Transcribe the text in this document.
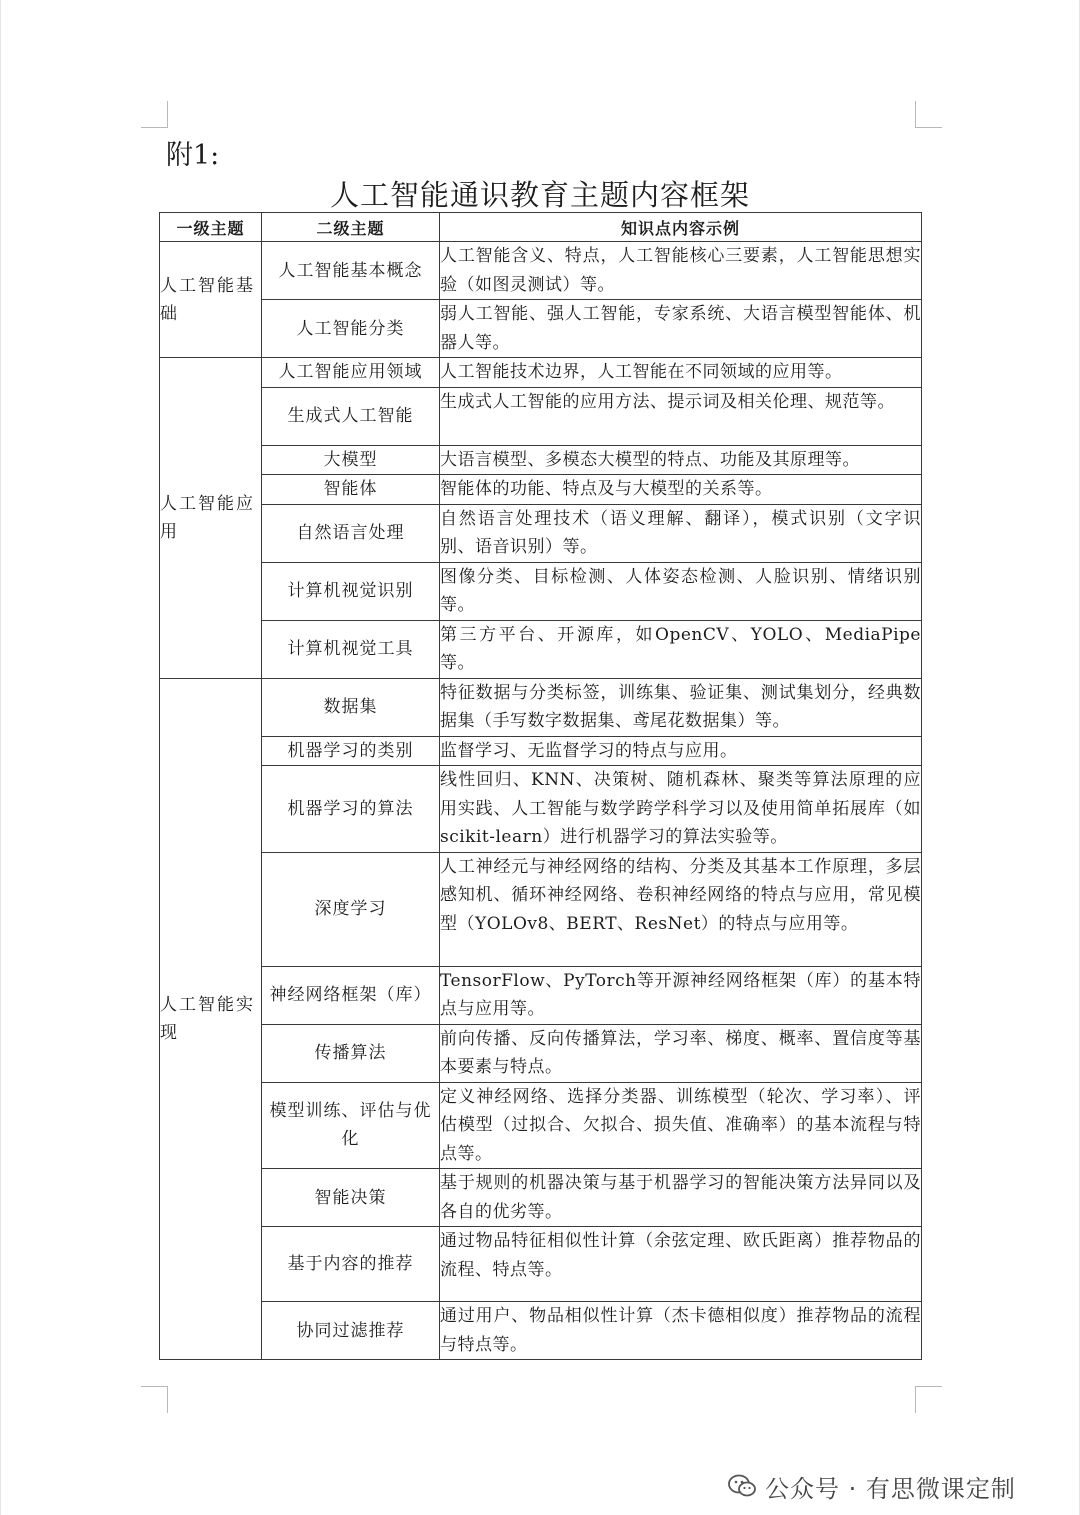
附1:
人工智能通识教育主题内容框架
一级主题	二级主题	知识点内容示例
人工智能基础	人工智能基本概念	人工智能含义、特点，人工智能核心三要素，人工智能思想实验（如图灵测试）等。
	人工智能分类	弱人工智能、强人工智能，专家系统、大语言模型智能体、机器人等。
人工智能应用	人工智能应用领域	人工智能技术边界，人工智能在不同领域的应用等。
	生成式人工智能	生成式人工智能的应用方法、提示词及相关伦理、规范等。
	大模型	大语言模型、多模态大模型的特点、功能及其原理等。
	智能体	智能体的功能、特点及与大模型的关系等。
	自然语言处理	自然语言处理技术（语义理解、翻译），模式识别（文字识别、语音识别）等。
	计算机视觉识别	图像分类、目标检测、人体姿态检测、人脸识别、情绪识别等。
	计算机视觉工具	第三方平台、开源库，如OpenCV、YOLO、MediaPipe等。
人工智能实现	数据集	特征数据与分类标签，训练集、验证集、测试集划分，经典数据集（手写数字数据集、鸢尾花数据集）等。
	机器学习的类别	监督学习、无监督学习的特点与应用。
	机器学习的算法	线性回归、KNN、决策树、随机森林、聚类等算法原理的应用实践、人工智能与数学跨学科学习以及使用简单拓展库（如scikit-learn）进行机器学习的算法实验等。
	深度学习	人工神经元与神经网络的结构、分类及其基本工作原理，多层感知机、循环神经网络、卷积神经网络的特点与应用，常见模型（YOLOv8、BERT、ResNet）的特点与应用等。
	神经网络框架（库）	TensorFlow、PyTorch等开源神经网络框架（库）的基本特点与应用等。
	传播算法	前向传播、反向传播算法，学习率、梯度、概率、置信度等基本要素与特点。
	模型训练、评估与优化	定义神经网络、选择分类器、训练模型（轮次、学习率）、评估模型（过拟合、欠拟合、损失值、准确率）的基本流程与特点等。
	智能决策	基于规则的机器决策与基于机器学习的智能决策方法异同以及各自的优劣等。
	基于内容的推荐	通过物品特征相似性计算（余弦定理、欧氏距离）推荐物品的流程、特点等。
	协同过滤推荐	通过用户、物品相似性计算（杰卡德相似度）推荐物品的流程与特点等。
公众号 · 有思微课定制
